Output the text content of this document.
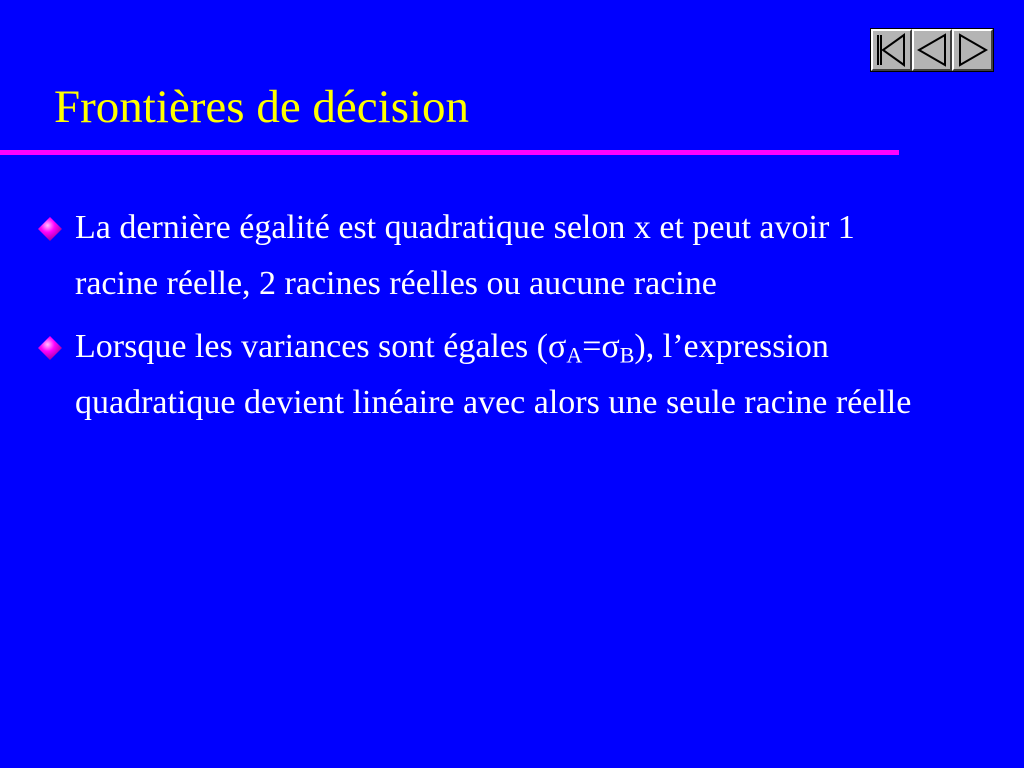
Frontières de décision
La dernière égalité est quadratique selon x et peut avoir 1 racine réelle, 2 racines réelles ou aucune racine
Lorsque les variances sont égales $(\sigma_A=\sigma_B)$, l’expression quadratique devient linéaire avec alors une seule racine réelle
